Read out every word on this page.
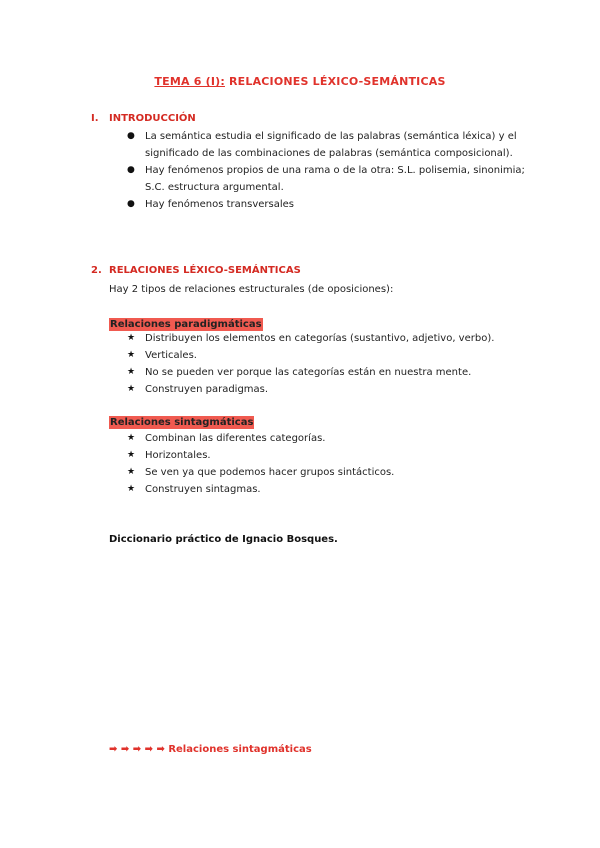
TEMA 6 (I): RELACIONES LÉXICO-SEMÁNTICAS
I. INTRODUCCIÓN
● La semántica estudia el significado de las palabras (semántica léxica) y el significado de las combinaciones de palabras (semántica composicional).
● Hay fenómenos propios de una rama o de la otra: S.L. polisemia, sinonimia; S.C. estructura argumental.
● Hay fenómenos transversales
2. RELACIONES LÉXICO-SEMÁNTICAS
Hay 2 tipos de relaciones estructurales (de oposiciones):
Relaciones paradigmáticas
★ Distribuyen los elementos en categorías (sustantivo, adjetivo, verbo).
★ Verticales.
★ No se pueden ver porque las categorías están en nuestra mente.
★ Construyen paradigmas.
Relaciones sintagmáticas
★ Combinan las diferentes categorías.
★ Horizontales.
★ Se ven ya que podemos hacer grupos sintácticos.
★ Construyen sintagmas.
Diccionario práctico de Ignacio Bosques.
➡ ➡ ➡ ➡ ➡ Relaciones sintagmáticas
